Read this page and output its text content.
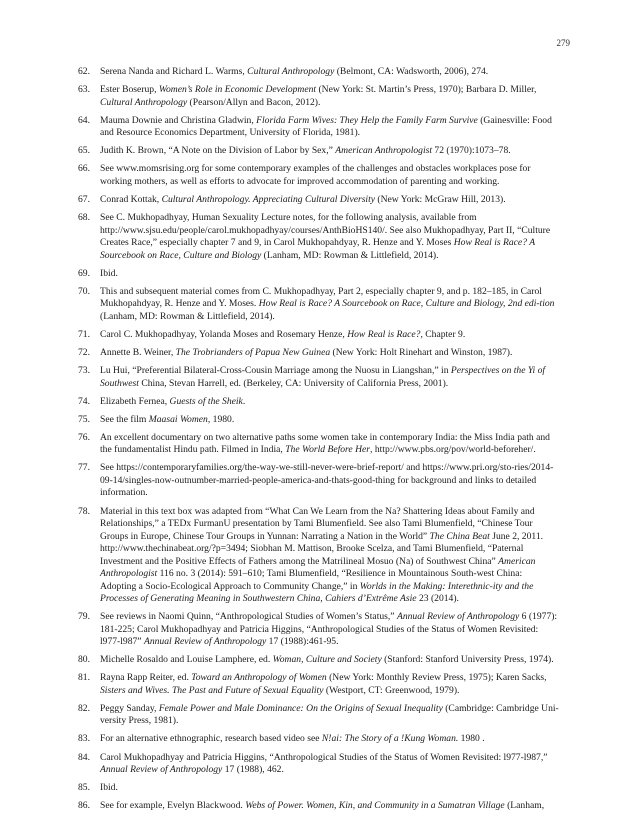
279
62.	Serena Nanda and Richard L. Warms, Cultural Anthropology (Belmont, CA: Wadsworth, 2006), 274.
63.	Ester Boserup, Women’s Role in Economic Development (New York: St. Martin’s Press, 1970); Barbara D. Miller, Cultural Anthropology (Pearson/Allyn and Bacon, 2012).
64.	Mauma Downie and Christina Gladwin, Florida Farm Wives: They Help the Family Farm Survive (Gainesville: Food and Resource Economics Department, University of Florida, 1981).
65.	Judith K. Brown, “A Note on the Division of Labor by Sex,” American Anthropologist 72 (1970):1073–78.
66.	See www.momsrising.org for some contemporary examples of the challenges and obstacles workplaces pose for working mothers, as well as efforts to advocate for improved accommodation of parenting and working.
67.	Conrad Kottak, Cultural Anthropology. Appreciating Cultural Diversity (New York: McGraw Hill, 2013).
68.	See C. Mukhopadhyay, Human Sexuality Lecture notes, for the following analysis, available from http://www.sjsu.edu/people/carol.mukhopadhyay/courses/AnthBioHS140/. See also Mukhopadhyay, Part II, “Culture Creates Race,” especially chapter 7 and 9, in Carol Mukhopahdyay, R. Henze and Y. Moses How Real is Race? A Sourcebook on Race, Culture and Biology (Lanham, MD: Rowman & Littlefield, 2014).
69.	Ibid.
70.	This and subsequent material comes from C. Mukhopadhyay, Part 2, especially chapter 9, and p. 182–185, in Carol Mukhopahdyay, R. Henze and Y. Moses. How Real is Race? A Sourcebook on Race, Culture and Biology, 2nd edi-tion (Lanham, MD: Rowman & Littlefield, 2014).
71.	Carol C. Mukhopadhyay, Yolanda Moses and Rosemary Henze, How Real is Race?, Chapter 9.
72.	Annette B. Weiner, The Trobrianders of Papua New Guinea (New York: Holt Rinehart and Winston, 1987).
73.	Lu Hui, “Preferential Bilateral-Cross-Cousin Marriage among the Nuosu in Liangshan,” in Perspectives on the Yi of Southwest China, Stevan Harrell, ed. (Berkeley, CA: University of California Press, 2001).
74.	Elizabeth Fernea, Guests of the Sheik.
75.	See the film Maasai Women, 1980.
76.	An excellent documentary on two alternative paths some women take in contemporary India: the Miss India path and the fundamentalist Hindu path. Filmed in India, The World Before Her, http://www.pbs.org/pov/world-beforeher/.
77.	See https://contemporaryfamilies.org/the-way-we-still-never-were-brief-report/ and https://www.pri.org/sto-ries/2014-09-14/singles-now-outnumber-married-people-america-and-thats-good-thing for background and links to detailed information.
78.	Material in this text box was adapted from “What Can We Learn from the Na? Shattering Ideas about Family and Relationships,” a TEDx FurmanU presentation by Tami Blumenfield. See also Tami Blumenfield, “Chinese Tour Groups in Europe, Chinese Tour Groups in Yunnan: Narrating a Nation in the World” The China Beat June 2, 2011. http://www.thechinabeat.org/?p=3494; Siobhan M. Mattison, Brooke Scelza, and Tami Blumenfield, “Paternal Investment and the Positive Effects of Fathers among the Matrilineal Mosuo (Na) of Southwest China” American Anthropologist 116 no. 3 (2014): 591–610; Tami Blumenfield, “Resilience in Mountainous South-west China: Adopting a Socio-Ecological Approach to Community Change,” in Worlds in the Making: Interethnic-ity and the Processes of Generating Meaning in Southwestern China, Cahiers d’Extrême Asie 23 (2014).
79.	See reviews in Naomi Quinn, “Anthropological Studies of Women’s Status,” Annual Review of Anthropology 6 (1977): 181-225; Carol Mukhopadhyay and Patricia Higgins, “Anthropological Studies of the Status of Women Revisited: l977-l987” Annual Review of Anthropology 17 (1988):461-95.
80.	Michelle Rosaldo and Louise Lamphere, ed. Woman, Culture and Society (Stanford: Stanford University Press, 1974).
81.	Rayna Rapp Reiter, ed. Toward an Anthropology of Women (New York: Monthly Review Press, 1975); Karen Sacks, Sisters and Wives. The Past and Future of Sexual Equality (Westport, CT: Greenwood, 1979).
82.	Peggy Sanday, Female Power and Male Dominance: On the Origins of Sexual Inequality (Cambridge: Cambridge Uni-versity Press, 1981).
83.	For an alternative ethnographic, research based video see N!ai: The Story of a !Kung Woman. 1980 .
84.	Carol Mukhopadhyay and Patricia Higgins, “Anthropological Studies of the Status of Women Revisited: l977-l987,” Annual Review of Anthropology 17 (1988), 462.
85.	Ibid.
86.	See for example, Evelyn Blackwood. Webs of Power. Women, Kin, and Community in a Sumatran Village (Lanham,
